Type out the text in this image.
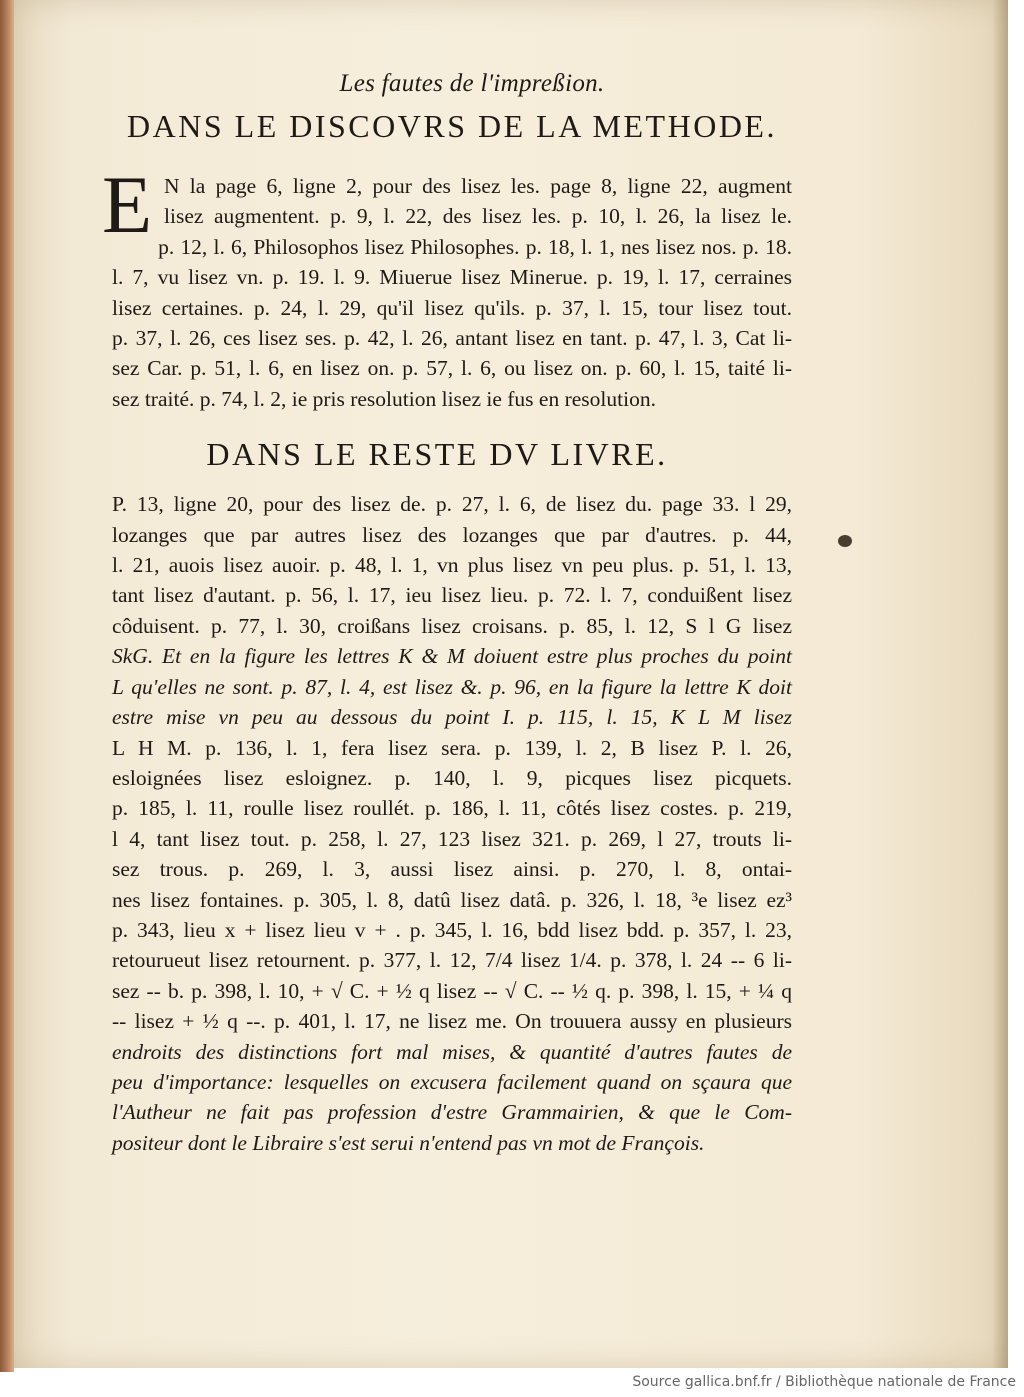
Les fautes de l'impreßion.
DANS LE DISCOVRS DE LA METHODE.
E N la page 6, ligne 2, pour des lisez les. page 8, ligne 22, augment
lisez augmentent. p. 9, l. 22, des lisez les. p. 10, l. 26, la lisez le.
p. 12, l. 6, Philosophos lisez Philosophes. p. 18, l. 1, nes lisez nos. p. 18.
l. 7, vu lisez vn. p. 19. l. 9. Miuerue lisez Minerue. p. 19, l. 17, cerraines
lisez certaines. p. 24, l. 29, qu'il lisez qu'ils. p. 37, l. 15, tour lisez tout.
p. 37, l. 26, ces lisez ses. p. 42, l. 26, antant lisez en tant. p. 47, l. 3, Cat li-
sez Car. p. 51, l. 6, en lisez on. p. 57, l. 6, ou lisez on. p. 60, l. 15, taité li-
sez traité. p. 74, l. 2, ie pris resolution lisez ie fus en resolution.
DANS LE RESTE DV LIVRE.
P. 13, ligne 20, pour des lisez de. p. 27, l. 6, de lisez du. page 33. l 29,
lozanges que par autres lisez des lozanges que par d'autres. p. 44,
l. 21, auois lisez auoir. p. 48, l. 1, vn plus lisez vn peu plus. p. 51, l. 13,
tant lisez d'autant. p. 56, l. 17, ieu lisez lieu. p. 72. l. 7, conduißent lisez
côduisent. p. 77, l. 30, croißans lisez croisans. p. 85, l. 12, S l G lisez
SkG. Et en la figure les lettres K & M doiuent estre plus proches du point
L qu'elles ne sont. p. 87, l. 4, est lisez &. p. 96, en la figure la lettre K doit
estre mise vn peu au dessous du point I. p. 115, l. 15, K L M lisez
L H M. p. 136, l. 1, fera lisez sera. p. 139, l. 2, B lisez P. l. 26,
esloignées lisez esloignez. p. 140, l. 9, picques lisez picquets.
p. 185, l. 11, roulle lisez roullét. p. 186, l. 11, côtés lisez costes. p. 219,
l 4, tant lisez tout. p. 258, l. 27, 123 lisez 321. p. 269, l 27, trouts li-
sez trous. p. 269, l. 3, aussi lisez ainsi. p. 270, l. 8, ontai-
nes lisez fontaines. p. 305, l. 8, datû lisez datâ. p. 326, l. 18, ³e lisez ez³
p. 343, lieu x + lisez lieu v + . p. 345, l. 16, bdd lisez bdd. p. 357, l. 23,
retourueut lisez retournent. p. 377, l. 12, 7/4 lisez 1/4. p. 378, l. 24 -- 6 li-
sez -- b. p. 398, l. 10, + √ C. + ½ q lisez -- √ C. -- ½ q. p. 398, l. 15, + ¼ q
-- lisez + ½ q --. p. 401, l. 17, ne lisez me. On trouuera aussy en plusieurs
endroits des distinctions fort mal mises, & quantité d'autres fautes de
peu d'importance: lesquelles on excusera facilement quand on sçaura que
l'Autheur ne fait pas profession d'estre Grammairien, & que le Com-
positeur dont le Libraire s'est serui n'entend pas vn mot de François.
Source gallica.bnf.fr / Bibliothèque nationale de France
